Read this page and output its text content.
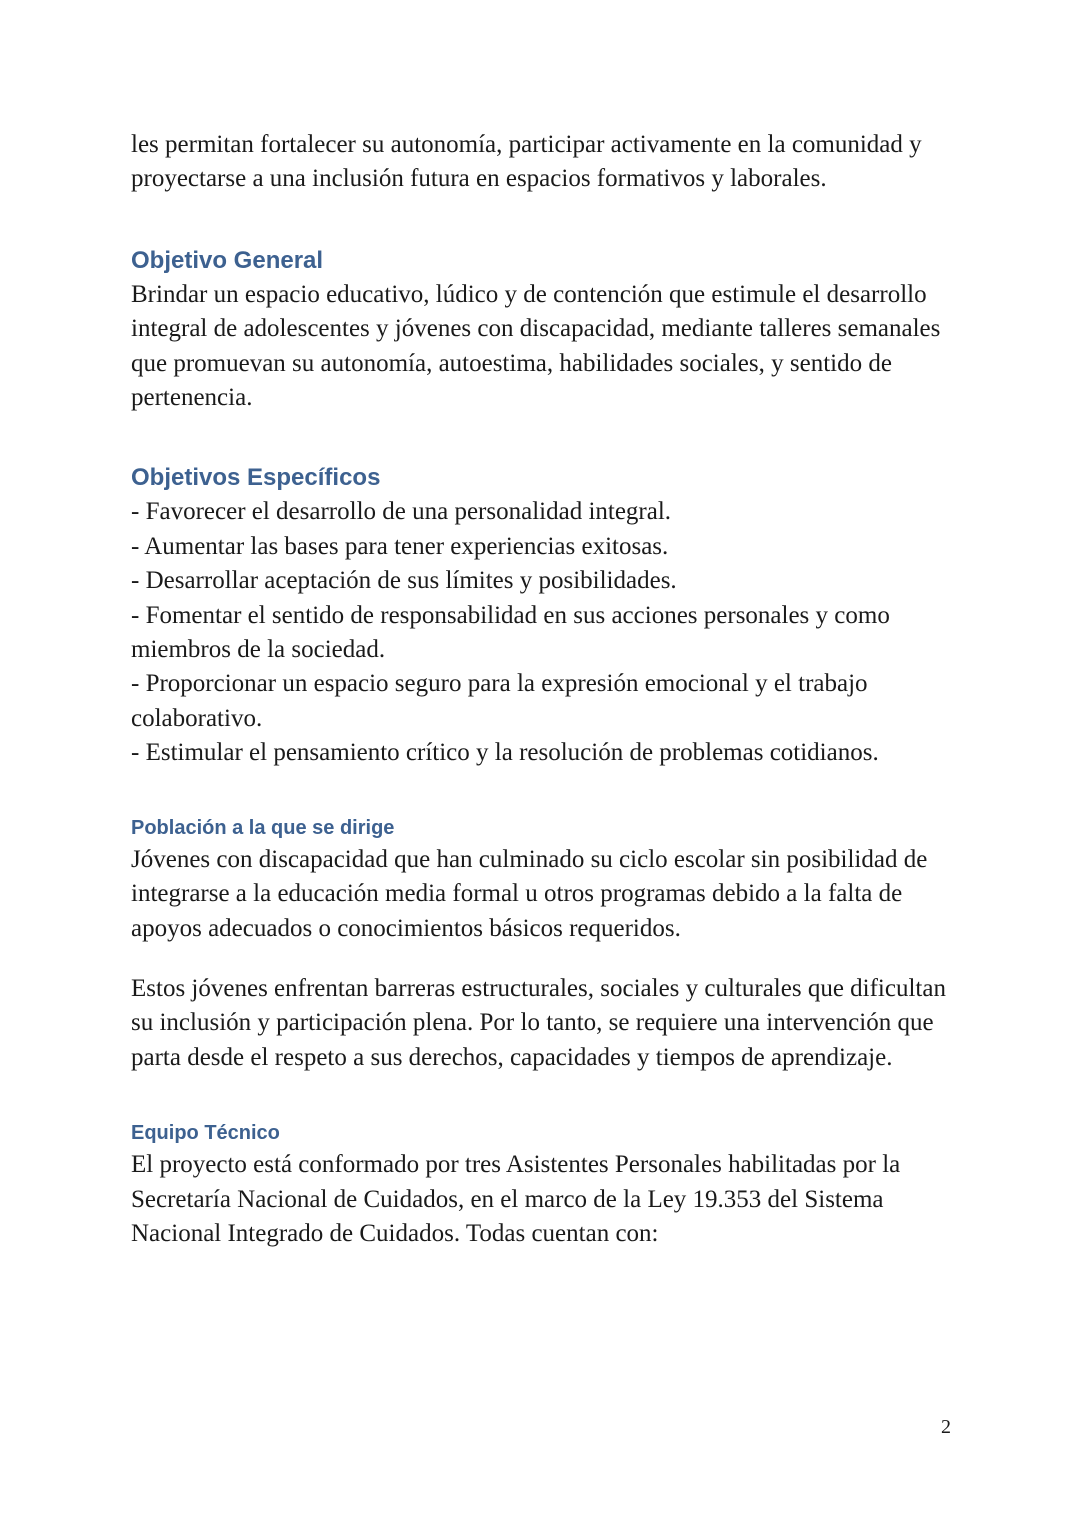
les permitan fortalecer su autonomía, participar activamente en la comunidad y proyectarse a una inclusión futura en espacios formativos y laborales.

Objetivo General

Brindar un espacio educativo, lúdico y de contención que estimule el desarrollo integral de adolescentes y jóvenes con discapacidad, mediante talleres semanales que promuevan su autonomía, autoestima, habilidades sociales, y sentido de pertenencia.

Objetivos Específicos
- Favorecer el desarrollo de una personalidad integral.
- Aumentar las bases para tener experiencias exitosas.
- Desarrollar aceptación de sus límites y posibilidades.
- Fomentar el sentido de responsabilidad en sus acciones personales y como miembros de la sociedad.
- Proporcionar un espacio seguro para la expresión emocional y el trabajo colaborativo.
- Estimular el pensamiento crítico y la resolución de problemas cotidianos.
Población a la que se dirige

Jóvenes con discapacidad que han culminado su ciclo escolar sin posibilidad de integrarse a la educación media formal u otros programas debido a la falta de apoyos adecuados o conocimientos básicos requeridos.

Estos jóvenes enfrentan barreras estructurales, sociales y culturales que dificultan su inclusión y participación plena. Por lo tanto, se requiere una intervención que parta desde el respeto a sus derechos, capacidades y tiempos de aprendizaje.

Equipo Técnico

El proyecto está conformado por tres Asistentes Personales habilitadas por la Secretaría Nacional de Cuidados, en el marco de la Ley 19.353 del Sistema Nacional Integrado de Cuidados. Todas cuentan con:

2
